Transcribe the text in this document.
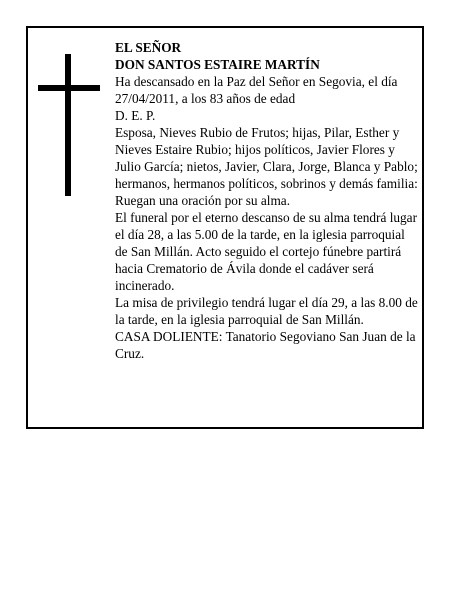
EL SEÑOR

DON SANTOS ESTAIRE MARTÍN

Ha descansado en la Paz del Señor en Segovia, el día 27/04/2011, a los 83 años de edad

D. E. P.

Esposa, Nieves Rubio de Frutos; hijas, Pilar, Esther y Nieves Estaire Rubio; hijos políticos, Javier Flores y Julio García; nietos, Javier, Clara, Jorge, Blanca y Pablo; hermanos, hermanos políticos, sobrinos y demás familia:

Ruegan una oración por su alma.

El funeral por el eterno descanso de su alma tendrá lugar el día 28, a las 5.00 de la tarde, en la iglesia parroquial de San Millán. Acto seguido el cortejo fúnebre partirá hacia Crematorio de Ávila donde el cadáver será incinerado.

La misa de privilegio tendrá lugar el día 29, a las 8.00 de la tarde, en la iglesia parroquial de San Millán.

CASA DOLIENTE: Tanatorio Segoviano San Juan de la Cruz.
